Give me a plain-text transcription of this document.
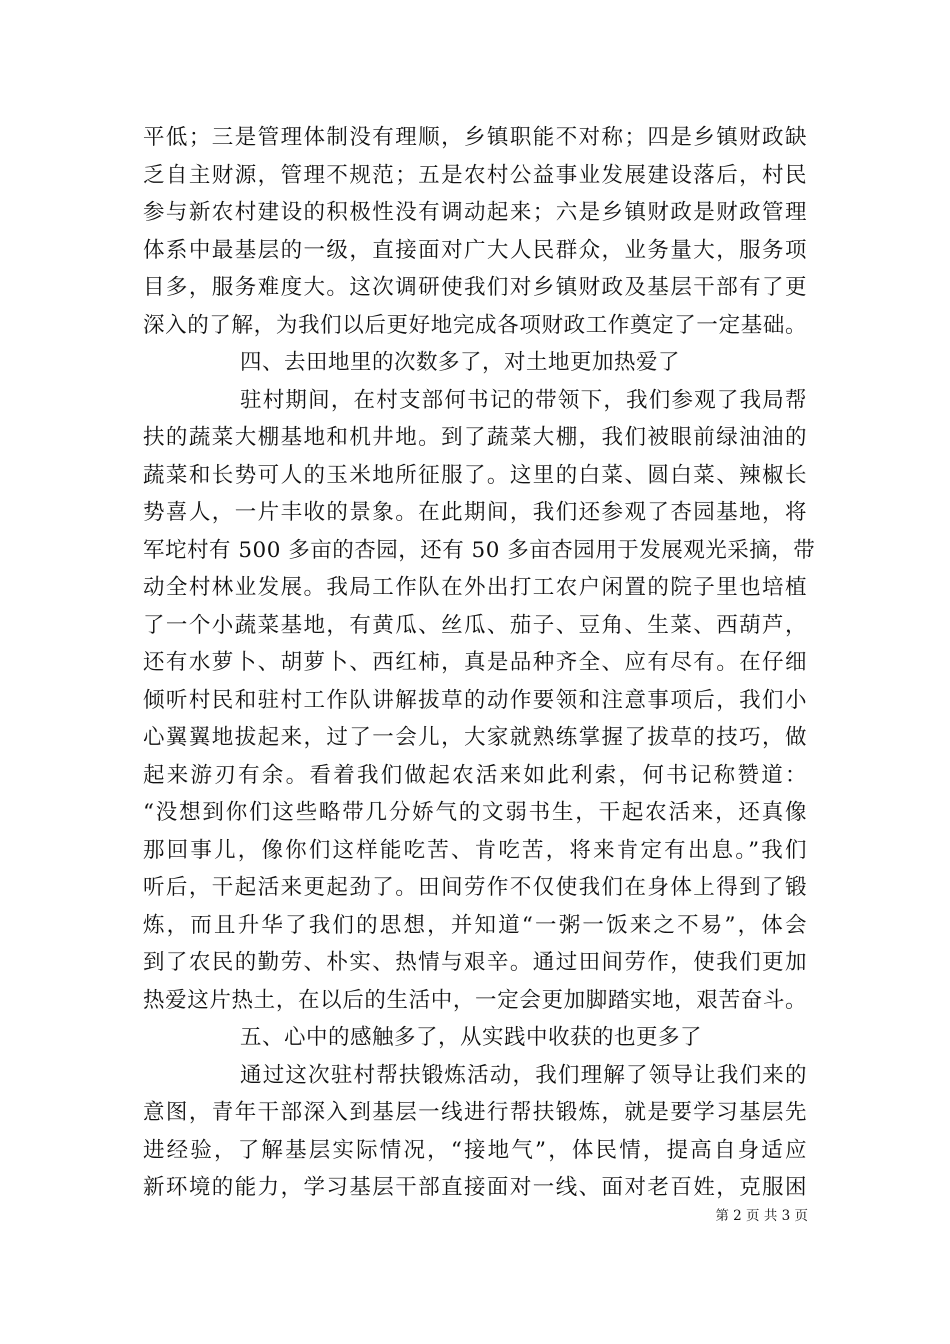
平低；三是管理体制没有理顺，乡镇职能不对称；四是乡镇财政缺
乏自主财源，管理不规范；五是农村公益事业发展建设落后，村民
参与新农村建设的积极性没有调动起来；六是乡镇财政是财政管理
体系中最基层的一级，直接面对广大人民群众，业务量大，服务项
目多，服务难度大。这次调研使我们对乡镇财政及基层干部有了更
深入的了解，为我们以后更好地完成各项财政工作奠定了一定基础。
四、去田地里的次数多了，对土地更加热爱了
驻村期间，在村支部何书记的带领下，我们参观了我局帮
扶的蔬菜大棚基地和机井地。到了蔬菜大棚，我们被眼前绿油油的
蔬菜和长势可人的玉米地所征服了。这里的白菜、圆白菜、辣椒长
势喜人，一片丰收的景象。在此期间，我们还参观了杏园基地，将
军坨村有 500 多亩的杏园，还有 50 多亩杏园用于发展观光采摘，带
动全村林业发展。我局工作队在外出打工农户闲置的院子里也培植
了一个小蔬菜基地，有黄瓜、丝瓜、茄子、豆角、生菜、西葫芦，
还有水萝卜、胡萝卜、西红柿，真是品种齐全、应有尽有。在仔细
倾听村民和驻村工作队讲解拔草的动作要领和注意事项后，我们小
心翼翼地拔起来，过了一会儿，大家就熟练掌握了拔草的技巧，做
起来游刃有余。看着我们做起农活来如此利索，何书记称赞道：
“没想到你们这些略带几分娇气的文弱书生，干起农活来，还真像
那回事儿，像你们这样能吃苦、肯吃苦，将来肯定有出息。”我们
听后，干起活来更起劲了。田间劳作不仅使我们在身体上得到了锻
炼，而且升华了我们的思想，并知道“一粥一饭来之不易”，体会
到了农民的勤劳、朴实、热情与艰辛。通过田间劳作，使我们更加
热爱这片热土，在以后的生活中，一定会更加脚踏实地，艰苦奋斗。
五、心中的感触多了，从实践中收获的也更多了
通过这次驻村帮扶锻炼活动，我们理解了领导让我们来的
意图，青年干部深入到基层一线进行帮扶锻炼，就是要学习基层先
进经验，了解基层实际情况，“接地气”，体民情，提高自身适应
新环境的能力，学习基层干部直接面对一线、面对老百姓，克服困
第 2 页 共 3 页
